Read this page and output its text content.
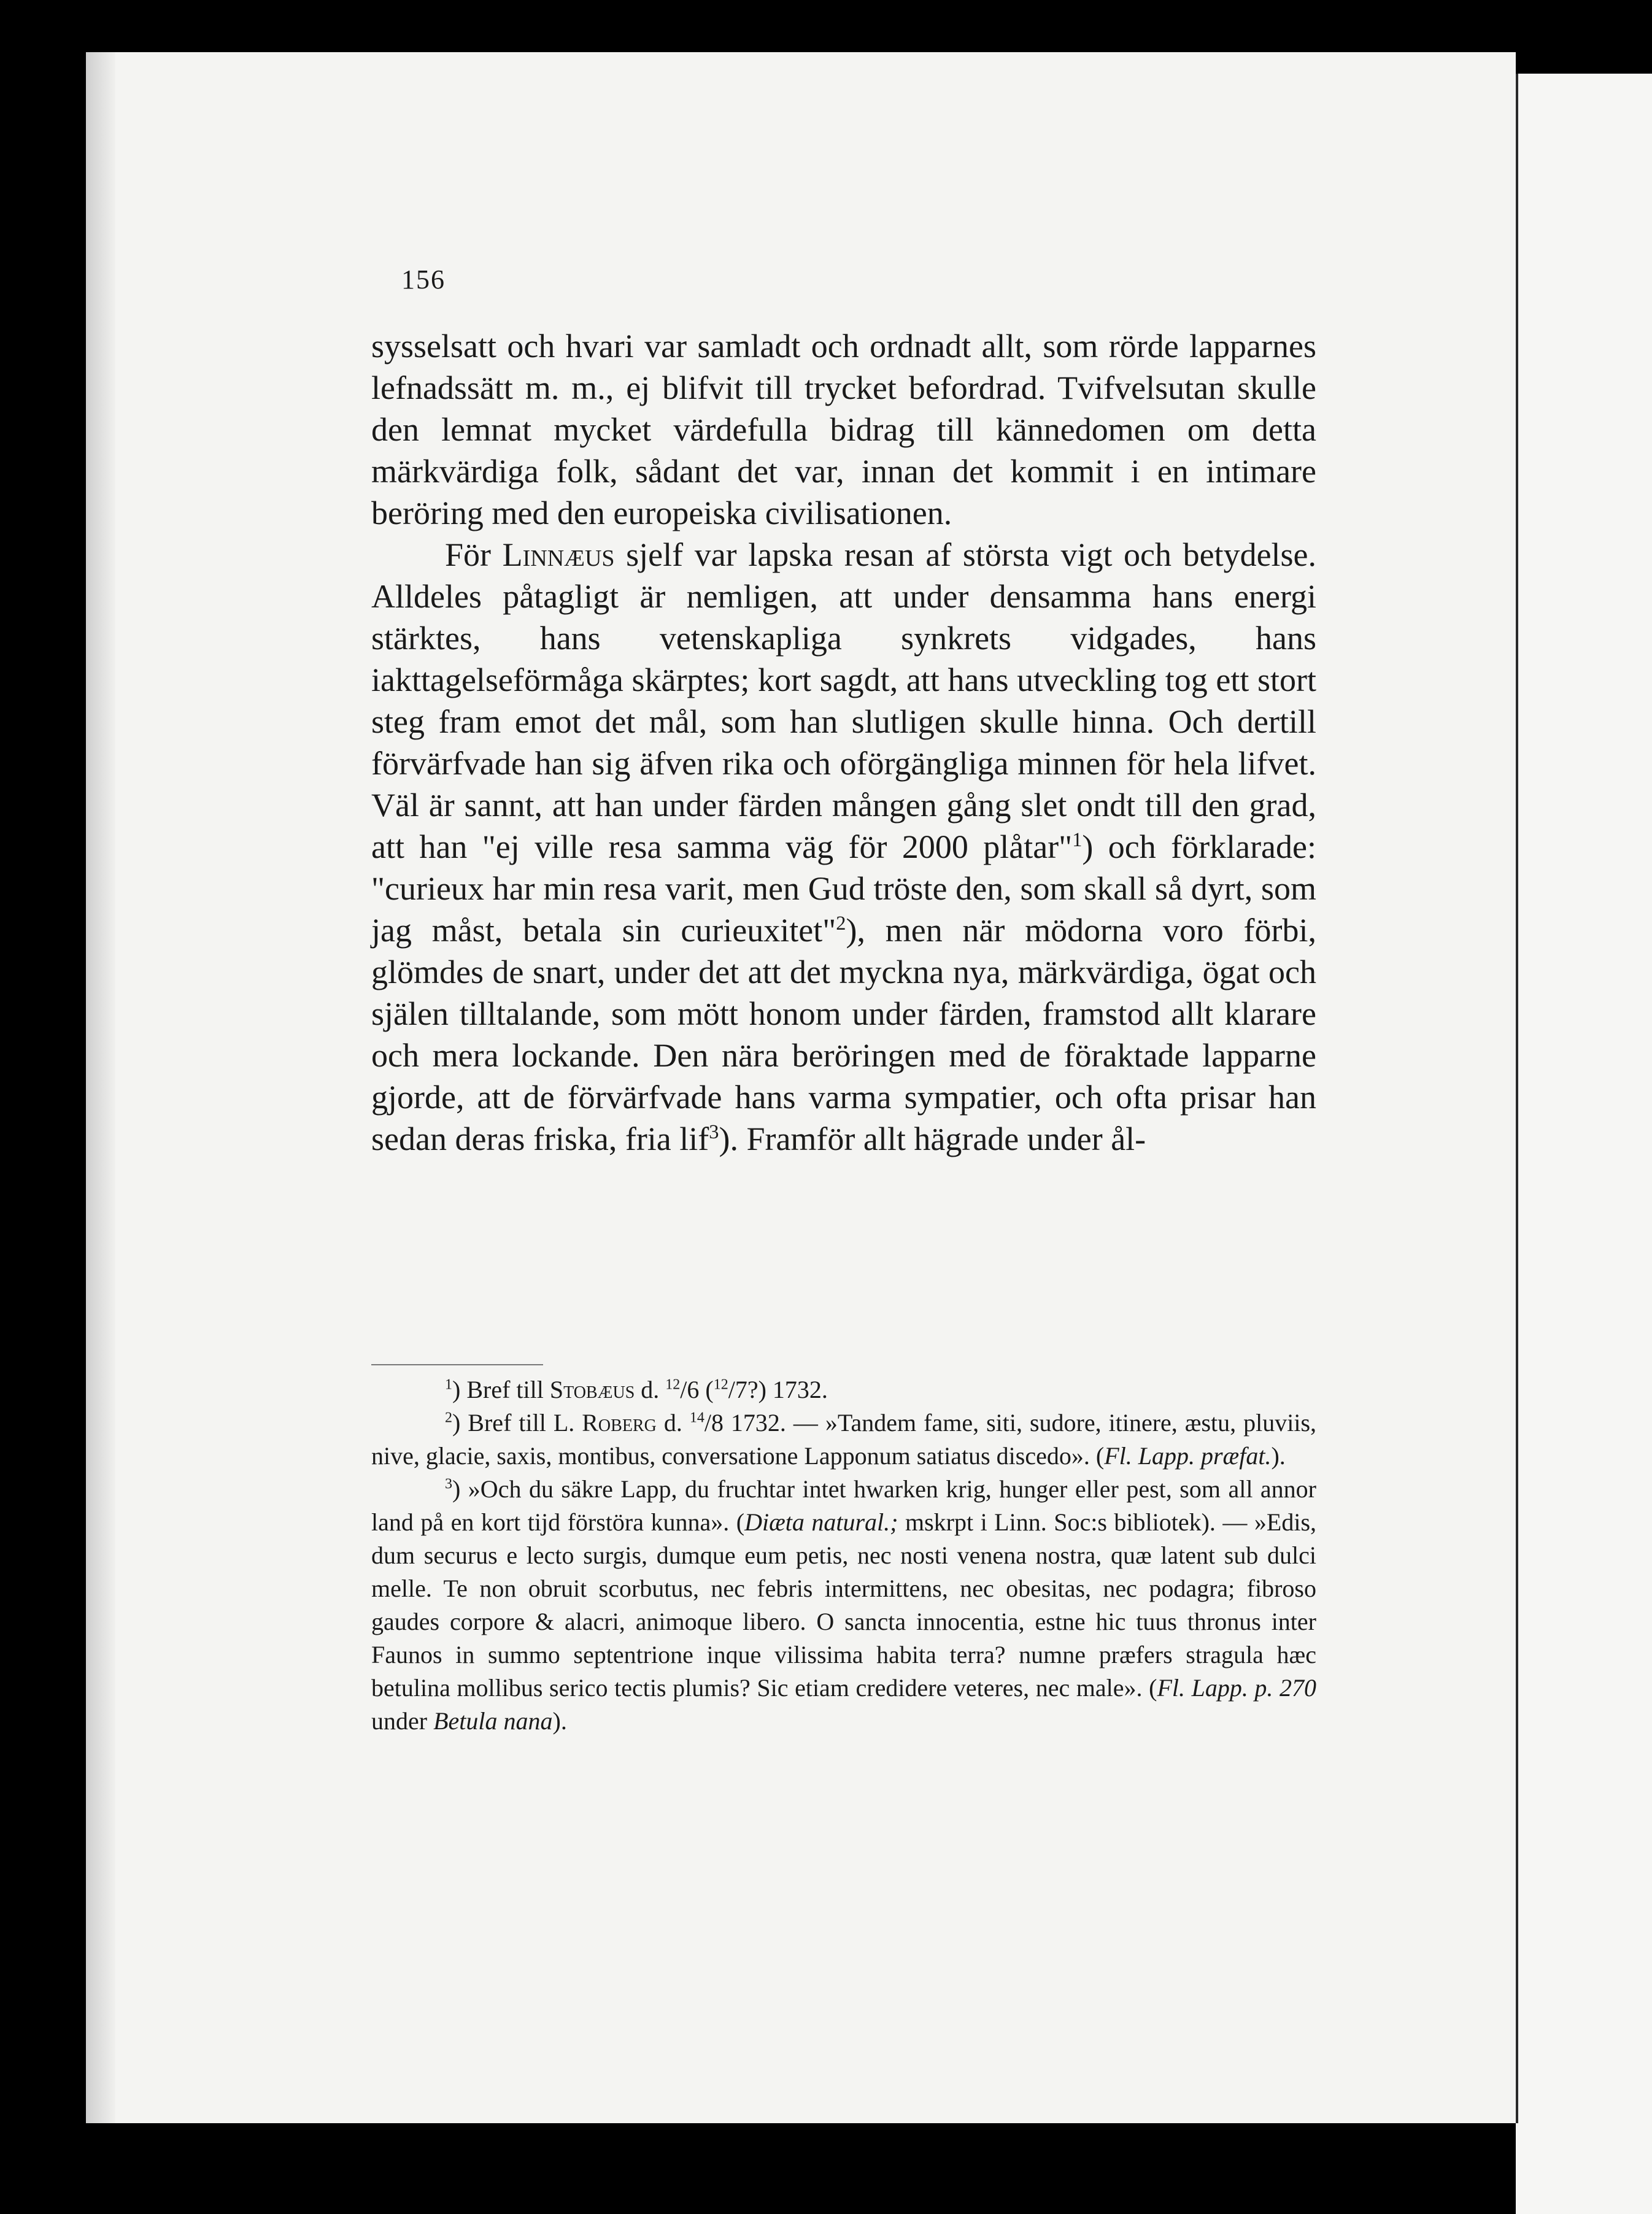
156

sysselsatt och hvari var samladt och ordnadt allt, som rörde lapparnes lefnadssätt m. m., ej blifvit till trycket befordrad. Tvifvelsutan skulle den lemnat mycket värdefulla bidrag till kännedomen om detta märkvärdiga folk, sådant det var, innan det kommit i en intimare beröring med den europeiska civilisationen.

För Linnæus sjelf var lapska resan af största vigt och betydelse. Alldeles påtagligt är nemligen, att under densamma hans energi stärktes, hans vetenskapliga synkrets vidgades, hans iakttagelseförmåga skärptes; kort sagdt, att hans utveckling tog ett stort steg fram emot det mål, som han slutligen skulle hinna. Och dertill förvärfvade han sig äfven rika och oförgängliga minnen för hela lifvet. Väl är sannt, att han under färden mången gång slet ondt till den grad, att han "ej ville resa samma väg för 2000 plåtar"$^1$) och förklarade: "curieux har min resa varit, men Gud tröste den, som skall så dyrt, som jag måst, betala sin curieuxitet"$^2$), men när mödorna voro förbi, glömdes de snart, under det att det myckna nya, märkvärdiga, ögat och själen tilltalande, som mött honom under färden, framstod allt klarare och mera lockande. Den nära beröringen med de föraktade lapparne gjorde, att de förvärfvade hans varma sympatier, och ofta prisar han sedan deras friska, fria lif$^3$). Framför allt hägrade under ål-

$^1$) Bref till Stobæus d. $^{12}$/6 ($^{12}$/7?) 1732.

$^2$) Bref till L. Roberg d. $^{14}$/8 1732. — »Tandem fame, siti, sudore, itinere, æstu, pluviis, nive, glacie, saxis, montibus, conversatione Lapponum satiatus discedo». (Fl. Lapp. præfat.).

$^3$) »Och du säkre Lapp, du fruchtar intet hwarken krig, hunger eller pest, som all annor land på en kort tijd förstöra kunna». (Diæta natural.; mskrpt i Linn. Soc:s bibliotek). — »Edis, dum securus e lecto surgis, dumque eum petis, nec nosti venena nostra, quæ latent sub dulci melle. Te non obruit scorbutus, nec febris intermittens, nec obesitas, nec podagra; fibroso gaudes corpore & alacri, animoque libero. O sancta innocentia, estne hic tuus thronus inter Faunos in summo septentrione inque vilissima habita terra? numne præfers stragula hæc betulina mollibus serico tectis plumis? Sic etiam credidere veteres, nec male». (Fl. Lapp. p. 270 under Betula nana).
